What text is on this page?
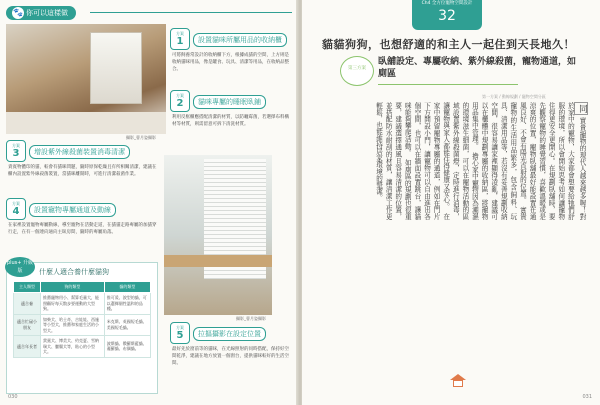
🐾 你可以這樣做
攝影_曹月姿攝影
攝影_曹月姿攝影
方案
1	設置貓咪所屬用品的收納櫃
可將飼養常設計的收納櫃下方，根據成貓的空間，上方則是收納貓咪用品，像是罐食、玩具、清潔等用品，在收納品整合。
方案
2	貓咪專屬的睡眠臥鋪
利用反框櫃應搭配清潔的材質，以防曬霉菌，若選擇布料構材等材質，則需留意可拆下清洗材質。
方案
3	增設紫外線殺菌裝置消毒清潔
貴賓物體印的貓，較會有貓咪問題，隨時原保乾燥且有所相關清潔，建議在櫃內設置紫外線殺菌裝置，當貓咪離開時，可進行清潔殺菌作業。
方案
4	設置寵物專屬通道及動線
在家裡設置寵物專屬動線，導至寵物在活動走道，在貓貓走路專屬的加貓穿行走，在有一個連向通向主臥房間，隨時的專屬角落。
方案
5	拉摳攝影在設定位置
最好先於窗前等的貓咪，在光線照射的同時搭配，保持好空間乾淨，建議在地方放置一個窗台，提供貓咪較好的生活空間。
plus+ 升級版	什麼人適合養什麼貓狗
主人類型	狗的類型	貓的類型
適合養	推薦寵物用小、幫算毛量大，能照顧好每天散步要運動的大型狗。	推可爱、淚型的貓，可以選擇個性溫和的品種。
適合忙碌小朋友	如柴犬、哈士奇、吉娃娃、西施等小型犬，推薦和家庭生活的小型犬。	米克斯、英國短毛貓、美國短毛貓。
適合年長者	貴賓犬、博美犬、約克夏、雪納瑞犬、臘腸犬等，貼心的小型犬。	波斯貓、俄羅斯藍貓、暹羅貓、布偶貓。
030
Ch4 全方位寵物空間設計
32
貓貓狗狗，也想舒適的和主人一起住到天長地久！
第三方案
臥舖設定、專屬收納、紫外線殺菌，寵物通道，如廁區
第一方案 / 動線規劃 / 寵物空間分區
同實貴寵物的現代人越來越多喔！對於家中的寵物，大家都會想要給牠們舒服的環境，所以會開始思考如何讓寵物住得更安全更開心。在規劃臥舖時，要先觀察寵物的睡覺習慣，喜歡溫暖或是涼爽的位置，寵物臥舖最好能設置在通風良好、不會有陽光直射的位置。　實貴寵物的生活用品繁多，包含飼料、玩具、清潔用品等，若沒有妥善規劃收納空間，很容易讓家裡顯得凌亂，建議可以在櫃體中規劃專屬的收納區，將寵物用品集中管理。　擔心家中寵物因為潮濕的環境滋生細菌，可以在寵物活動的區域設置紫外線殺菌燈，定時進行消毒，讓寵物與家人都能住得健康又安心。　在家中預留寵物專屬的通道，例如在門片下方開設小門，讓寵物可以自由進出各個空間，也可以在牆面設置跳台，讓貓咪能夠攀爬活動。　如廁區的規劃也很重要，建議選擇通風且容易清潔的位置，並搭配防水耐刮的材質，讓清潔工作更輕鬆，也能維持居家環境的整潔。
031
